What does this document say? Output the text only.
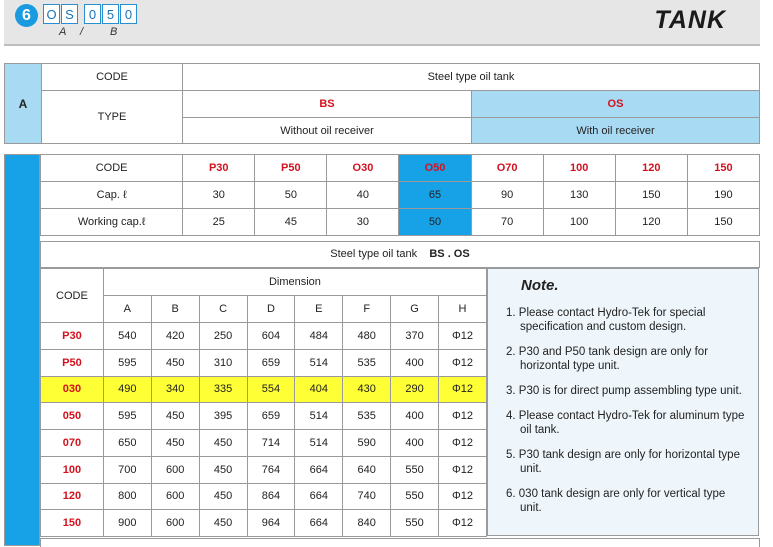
6	O S	0 5 0
A / B	TANK
A	CODE	Steel type oil tank	
	TYPE	BS	OS
		Without oil receiver	With oil receiver
CODE	P30	P50	O30	O50	O70	100	120	150
Cap. ℓ	30	50	40	65	90	130	150	190
Working cap.ℓ	25	45	30	50	70	100	120	150
Steel type oil tank BS . OS
CODE	Dimension							
	A	B	C	D	E	F	G	H
P30	540	420	250	604	484	480	370	Φ12
P50	595	450	310	659	514	535	400	Φ12
030	490	340	335	554	404	430	290	Φ12
050	595	450	395	659	514	535	400	Φ12
070	650	450	450	714	514	590	400	Φ12
100	700	600	450	764	664	640	550	Φ12
120	800	600	450	864	664	740	550	Φ12
150	900	600	450	964	664	840	550	Φ12
Note.
1. Please contact Hydro-Tek for special specification and custom design.
2. P30 and P50 tank design are only for horizontal type unit.
3. P30 is for direct pump assembling type unit.
4. Please contact Hydro-Tek for aluminum type oil tank.
5. P30 tank design are only for horizontal type unit.
6. 030 tank design are only for vertical type unit.
